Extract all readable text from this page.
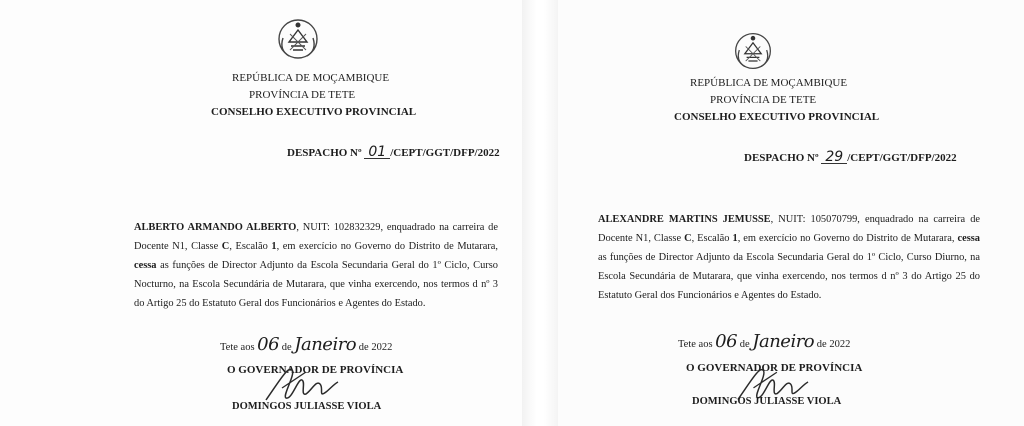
REPÚBLICA DE MOÇAMBIQUE
PROVÍNCIA DE TETE
CONSELHO EXECUTIVO PROVINCIAL
DESPACHO Nº 01 /CEPT/GGT/DFP/2022
ALBERTO ARMANDO ALBERTO, NUIT: 102832329, enquadrado na carreira de Docente N1, Classe C, Escalão 1, em exercício no Governo do Distrito de Mutarara, cessa as funções de Director Adjunto da Escola Secundaria Geral do 1º Ciclo, Curso Nocturno, na Escola Secundária de Mutarara, que vinha exercendo, nos termos d nº 3 do Artigo 25 do Estatuto Geral dos Funcionários e Agentes do Estado.
Tete aos 06 de Janeiro de 2022
O GOVERNADOR DE PROVÍNCIA
DOMINGOS JULIASSE VIOLA
REPÚBLICA DE MOÇAMBIQUE
PROVÍNCIA DE TETE
CONSELHO EXECUTIVO PROVINCIAL
DESPACHO Nº 29 /CEPT/GGT/DFP/2022
ALEXANDRE MARTINS JEMUSSE, NUIT: 105070799, enquadrado na carreira de Docente N1, Classe C, Escalão 1, em exercício no Governo do Distrito de Mutarara, cessa as funções de Director Adjunto da Escola Secundaria Geral do 1º Ciclo, Curso Diurno, na Escola Secundária de Mutarara, que vinha exercendo, nos termos d nº 3 do Artigo 25 do Estatuto Geral dos Funcionários e Agentes do Estado.
Tete aos 06 de Janeiro de 2022
O GOVERNADOR DE PROVÍNCIA
DOMINGOS JULIASSE VIOLA
